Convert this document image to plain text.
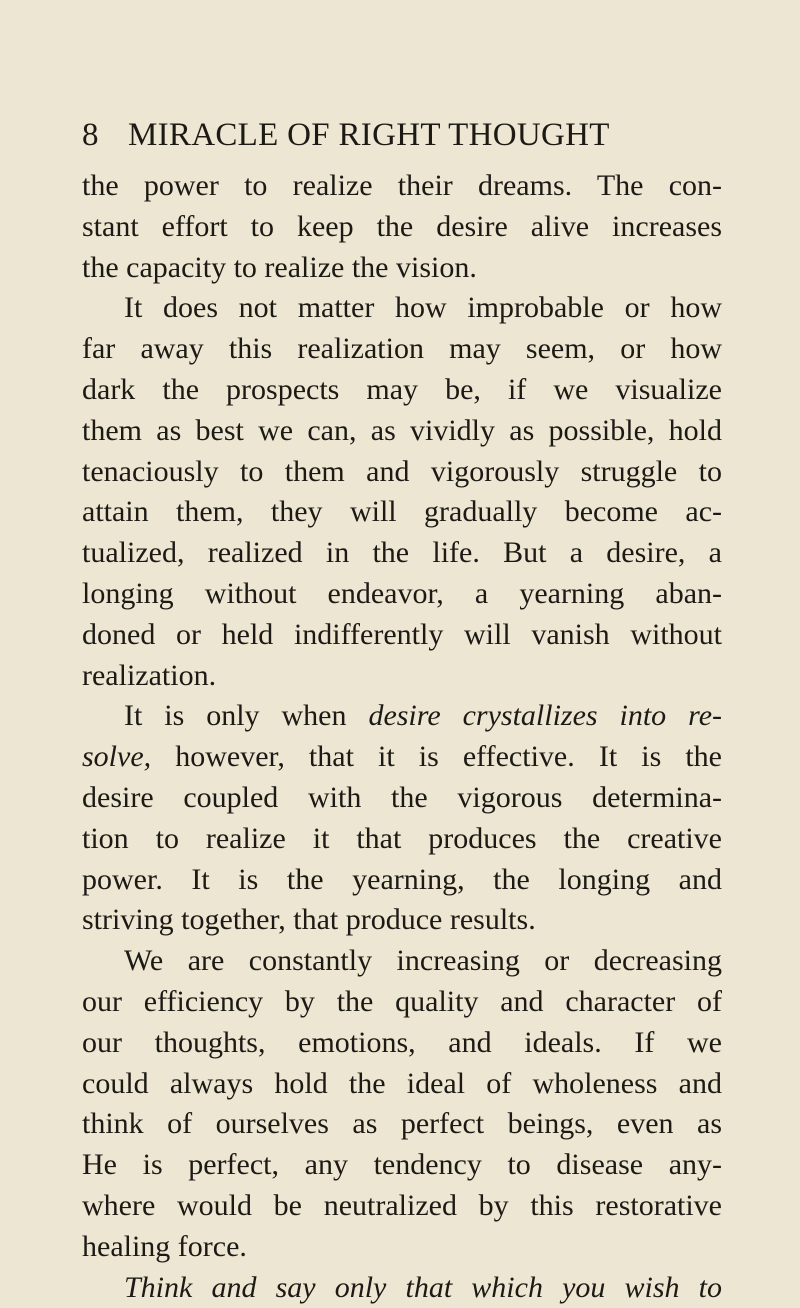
8 MIRACLE OF RIGHT THOUGHT
the power to realize their dreams. The con-
stant effort to keep the desire alive increases
the capacity to realize the vision.
It does not matter how improbable or how
far away this realization may seem, or how
dark the prospects may be, if we visualize
them as best we can, as vividly as possible, hold
tenaciously to them and vigorously struggle to
attain them, they will gradually become ac-
tualized, realized in the life. But a desire, a
longing without endeavor, a yearning aban-
doned or held indifferently will vanish without
realization.
It is only when desire crystallizes into re-
solve, however, that it is effective. It is the
desire coupled with the vigorous determina-
tion to realize it that produces the creative
power. It is the yearning, the longing and
striving together, that produce results.
We are constantly increasing or decreasing
our efficiency by the quality and character of
our thoughts, emotions, and ideals. If we
could always hold the ideal of wholeness and
think of ourselves as perfect beings, even as
He is perfect, any tendency to disease any-
where would be neutralized by this restorative
healing force.
Think and say only that which you wish to
